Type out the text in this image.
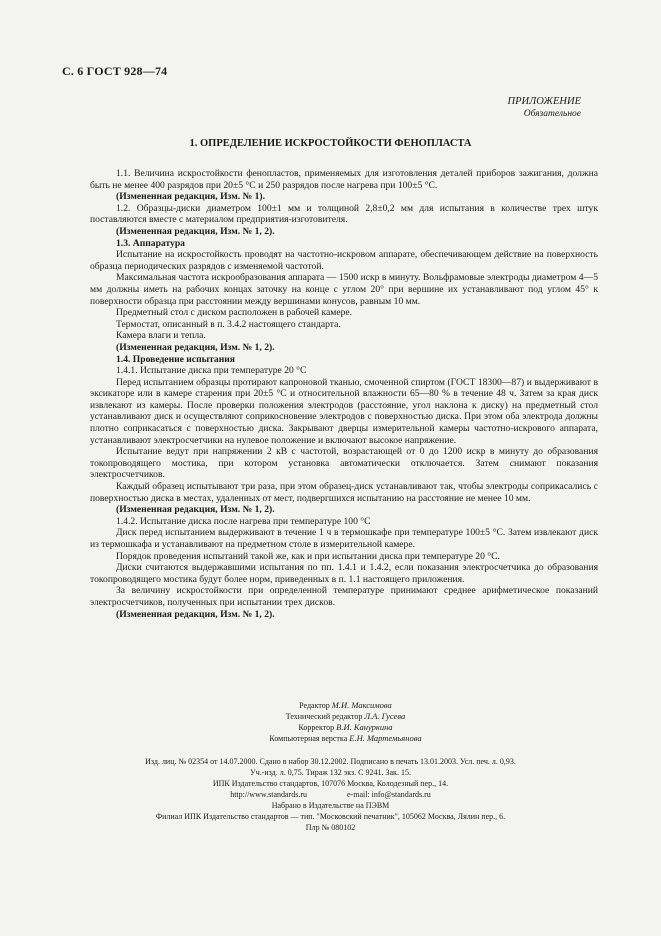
С. 6 ГОСТ 928—74
ПРИЛОЖЕНИЕ
Обязательное
1. ОПРЕДЕЛЕНИЕ ИСКРОСТОЙКОСТИ ФЕНОПЛАСТА

1.1. Величина искростойкости фенопластов, применяемых для изготовления деталей приборов зажигания, должна быть не менее 400 разрядов при 20±5 °C и 250 разрядов после нагрева при 100±5 °C.

(Измененная редакция, Изм. № 1).

1.2. Образцы-диски диаметром 100±1 мм и толщиной 2,8±0,2 мм для испытания в количестве трех штук поставляются вместе с материалом предприятия-изготовителя.

(Измененная редакция, Изм. № 1, 2).

1.3. Аппаратура

Испытание на искростойкость проводят на частотно-искровом аппарате, обеспечивающем действие на поверхность образца периодических разрядов с изменяемой частотой.

Максимальная частота искрообразования аппарата — 1500 искр в минуту. Вольфрамовые электроды диаметром 4—5 мм должны иметь на рабочих концах заточку на конце с углом 20° при вершине их устанавливают под углом 45° к поверхности образца при расстоянии между вершинами конусов, равным 10 мм.

Предметный стол с диском расположен в рабочей камере.

Термостат, описанный в п. 3.4.2 настоящего стандарта.

Камера влаги и тепла.

(Измененная редакция, Изм. № 1, 2).

1.4. Проведение испытания

1.4.1. Испытание диска при температуре 20 °C

Перед испытанием образцы протирают капроновой тканью, смоченной спиртом (ГОСТ 18300—87) и выдерживают в эксикаторе или в камере старения при 20±5 °C и относительной влажности 65—80 % в течение 48 ч. Затем за края диск извлекают из камеры. После проверки положения электродов (расстояние, угол наклона к диску) на предметный стол устанавливают диск и осуществляют соприкосновение электродов с поверхностью диска. При этом оба электрода должны плотно соприкасаться с поверхностью диска. Закрывают дверцы измерительной камеры частотно-искрового аппарата, устанавливают электросчетчики на нулевое положение и включают высокое напряжение.

Испытание ведут при напряжении 2 кВ с частотой, возрастающей от 0 до 1200 искр в минуту до образования токопроводящего мостика, при котором установка автоматически отключается. Затем снимают показания электросчетчиков.

Каждый образец испытывают три раза, при этом образец-диск устанавливают так, чтобы электроды соприкасались с поверхностью диска в местах, удаленных от мест, подвергшихся испытанию на расстояние не менее 10 мм.

(Измененная редакция, Изм. № 1, 2).

1.4.2. Испытание диска после нагрева при температуре 100 °C

Диск перед испытанием выдерживают в течение 1 ч в термошкафе при температуре 100±5 °C. Затем извлекают диск из термошкафа и устанавливают на предметном столе в измерительной камере.

Порядок проведения испытаний такой же, как и при испытании диска при температуре 20 °C.

Диски считаются выдержавшими испытания по пп. 1.4.1 и 1.4.2, если показания электросчетчика до образования токопроводящего мостика будут более норм, приведенных в п. 1.1 настоящего приложения.

За величину искростойкости при определенной температуре принимают среднее арифметическое показаний электросчетчиков, полученных при испытании трех дисков.

(Измененная редакция, Изм. № 1, 2).

Редактор М.И. Максимова
Технический редактор Л.А. Гусева
Корректор В.И. Кануркина
Компьютерная верстка Е.Н. Мартемьянова
Изд. лиц. № 02354 от 14.07.2000. Сдано в набор 30.12.2002. Подписано в печать 13.01.2003. Усл. печ. л. 0,93.
Уч.-изд. л. 0,75. Тираж 132 экз. С 9241. Зак. 15.
ИПК Издательство стандартов, 107076 Москва, Колодезный пер., 14.
http://www.standards.ru	e-mail: info@standards.ru
Набрано в Издательстве на ПЭВМ
Филиал ИПК Издательство стандартов — тип. "Московский печатник", 105062 Москва, Лялин пер., 6.
Плр № 080102
